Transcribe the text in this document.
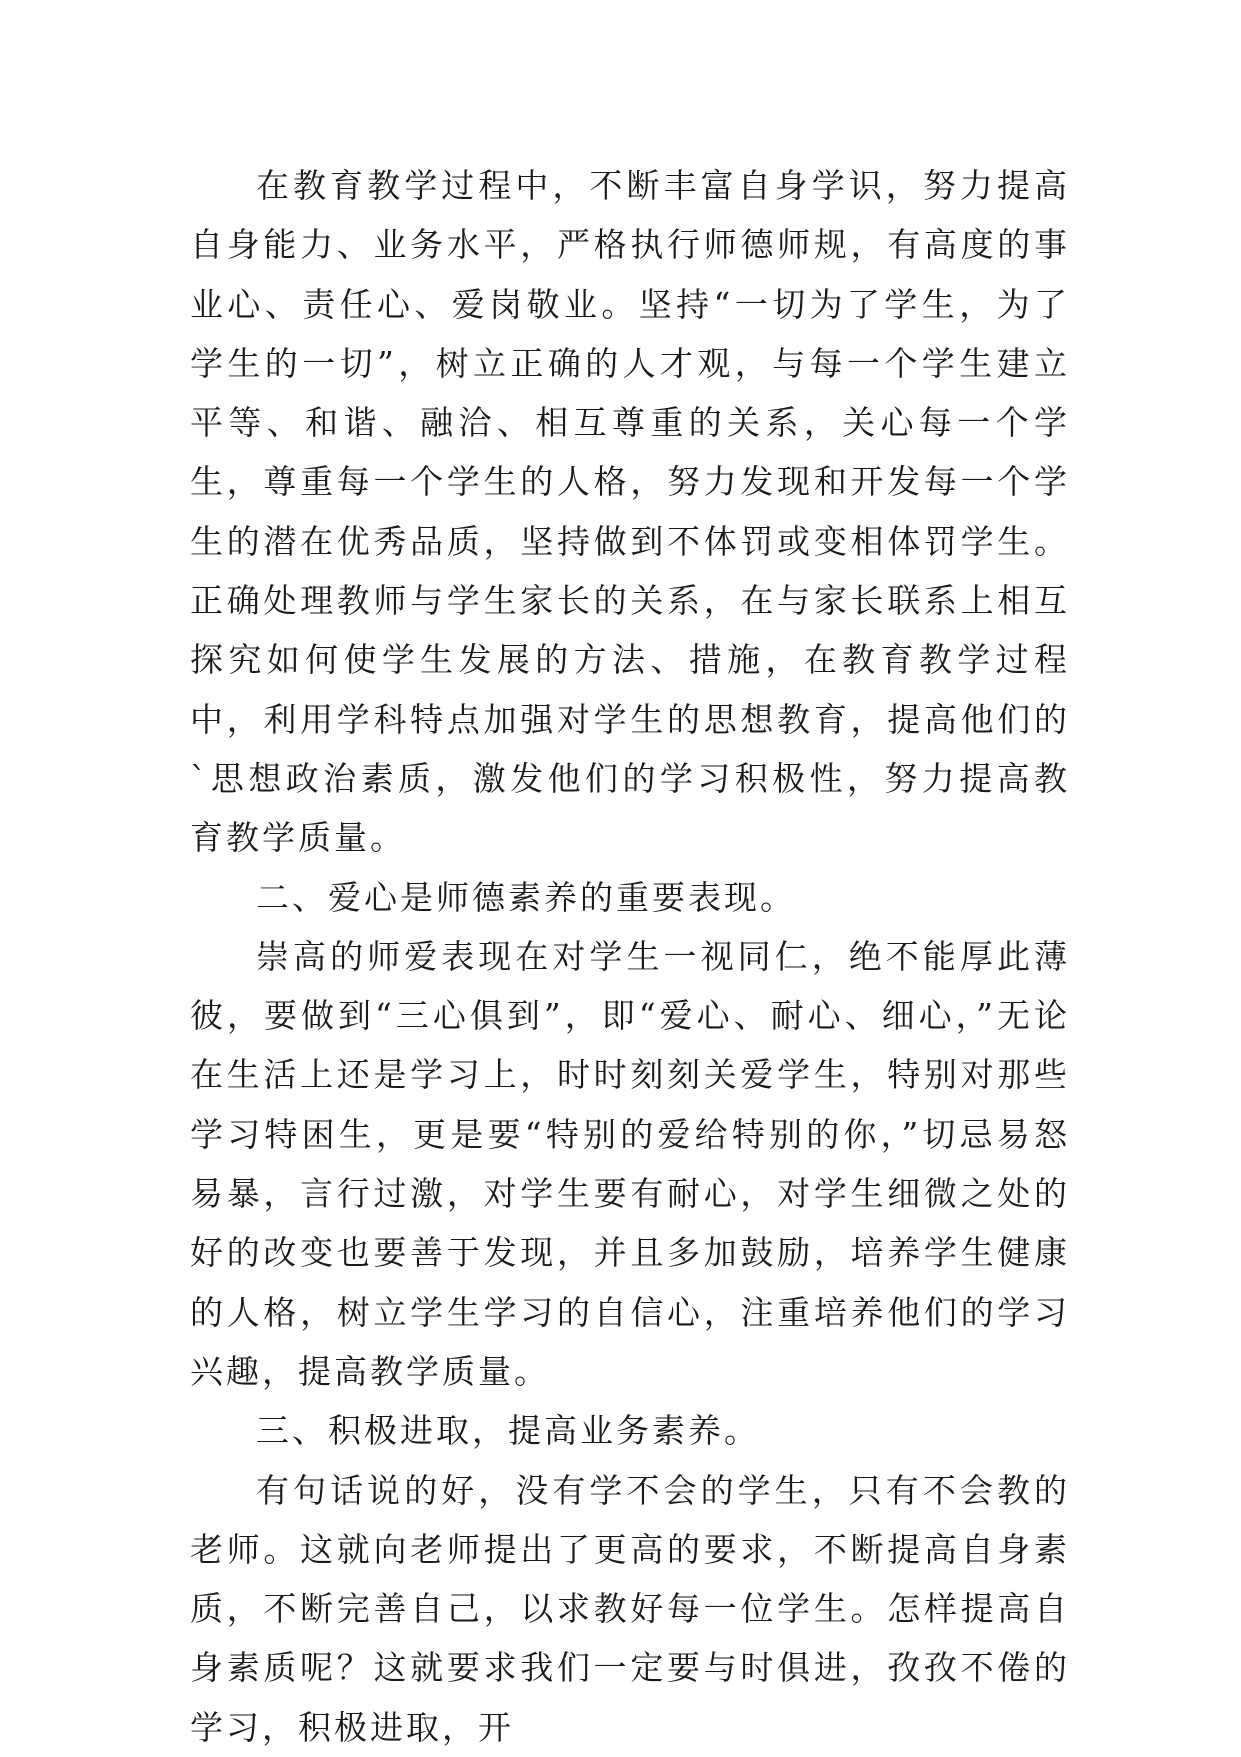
在教育教学过程中，不断丰富自身学识，努力提高自身能力、业务水平，严格执行师德师规，有高度的事业心、责任心、爱岗敬业。坚持“一切为了学生，为了学生的一切”，树立正确的人才观，与每一个学生建立平等、和谐、融洽、相互尊重的关系，关心每一个学生，尊重每一个学生的人格，努力发现和开发每一个学生的潜在优秀品质，坚持做到不体罚或变相体罚学生。正确处理教师与学生家长的关系，在与家长联系上相互探究如何使学生发展的方法、措施，在教育教学过程中，利用学科特点加强对学生的思想教育，提高他们的`思想政治素质，激发他们的学习积极性，努力提高教育教学质量。

二、爱心是师德素养的重要表现。

崇高的师爱表现在对学生一视同仁，绝不能厚此薄彼，要做到“三心俱到”，即“爱心、耐心、细心，”无论在生活上还是学习上，时时刻刻关爱学生，特别对那些学习特困生，更是要“特别的爱给特别的你，”切忌易怒易暴，言行过激，对学生要有耐心，对学生细微之处的好的改变也要善于发现，并且多加鼓励，培养学生健康的人格，树立学生学习的自信心，注重培养他们的学习兴趣，提高教学质量。

三、积极进取，提高业务素养。

有句话说的好，没有学不会的学生，只有不会教的老师。这就向老师提出了更高的要求，不断提高自身素质，不断完善自己，以求教好每一位学生。怎样提高自身素质呢？这就要求我们一定要与时俱进，孜孜不倦的学习，积极进取，开
